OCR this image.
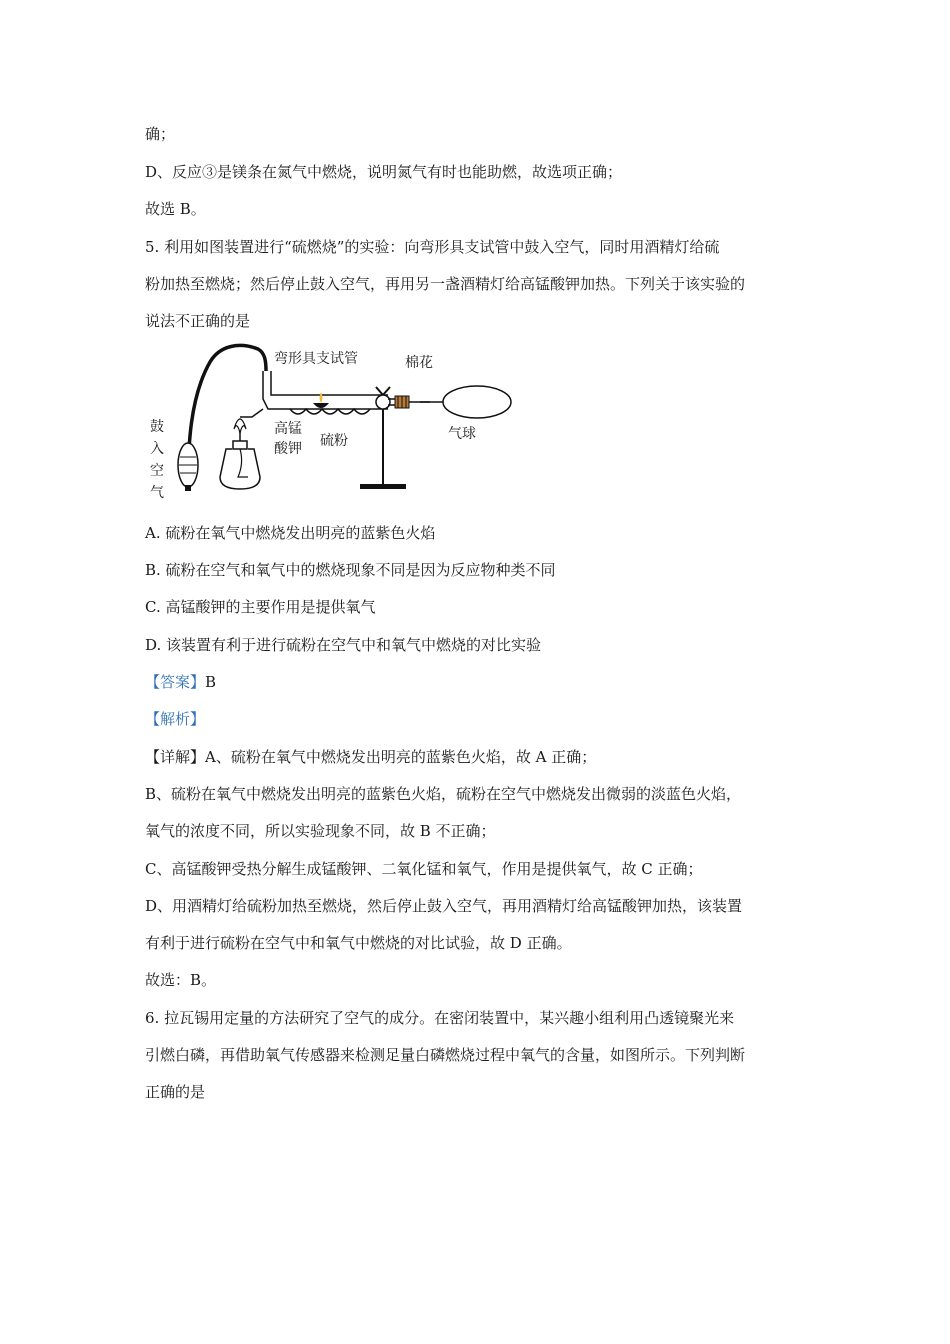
确；
D、反应③是镁条在氮气中燃烧，说明氮气有时也能助燃，故选项正确；
故选 B。
5. 利用如图装置进行“硫燃烧”的实验：向弯形具支试管中鼓入空气，同时用酒精灯给硫
粉加热至燃烧；然后停止鼓入空气，再用另一盏酒精灯给高锰酸钾加热。下列关于该实验的
说法不正确的是
弯形具支试管	棉花
高锰
酸钾 硫粉
鼓
入
空
气
气球
A. 硫粉在氧气中燃烧发出明亮的蓝紫色火焰
B. 硫粉在空气和氧气中的燃烧现象不同是因为反应物种类不同
C. 高锰酸钾的主要作用是提供氧气
D. 该装置有利于进行硫粉在空气中和氧气中燃烧的对比实验
【答案】B
【解析】
【详解】A、硫粉在氧气中燃烧发出明亮的蓝紫色火焰，故 A 正确；
B、硫粉在氧气中燃烧发出明亮的蓝紫色火焰，硫粉在空气中燃烧发出微弱的淡蓝色火焰，
氧气的浓度不同，所以实验现象不同，故 B 不正确；
C、高锰酸钾受热分解生成锰酸钾、二氧化锰和氧气，作用是提供氧气，故 C 正确；
D、用酒精灯给硫粉加热至燃烧，然后停止鼓入空气，再用酒精灯给高锰酸钾加热，该装置
有利于进行硫粉在空气中和氧气中燃烧的对比试验，故 D 正确。
故选：B。
6. 拉瓦锡用定量的方法研究了空气的成分。在密闭装置中，某兴趣小组利用凸透镜聚光来
引燃白磷，再借助氧气传感器来检测足量白磷燃烧过程中氧气的含量，如图所示。下列判断
正确的是
